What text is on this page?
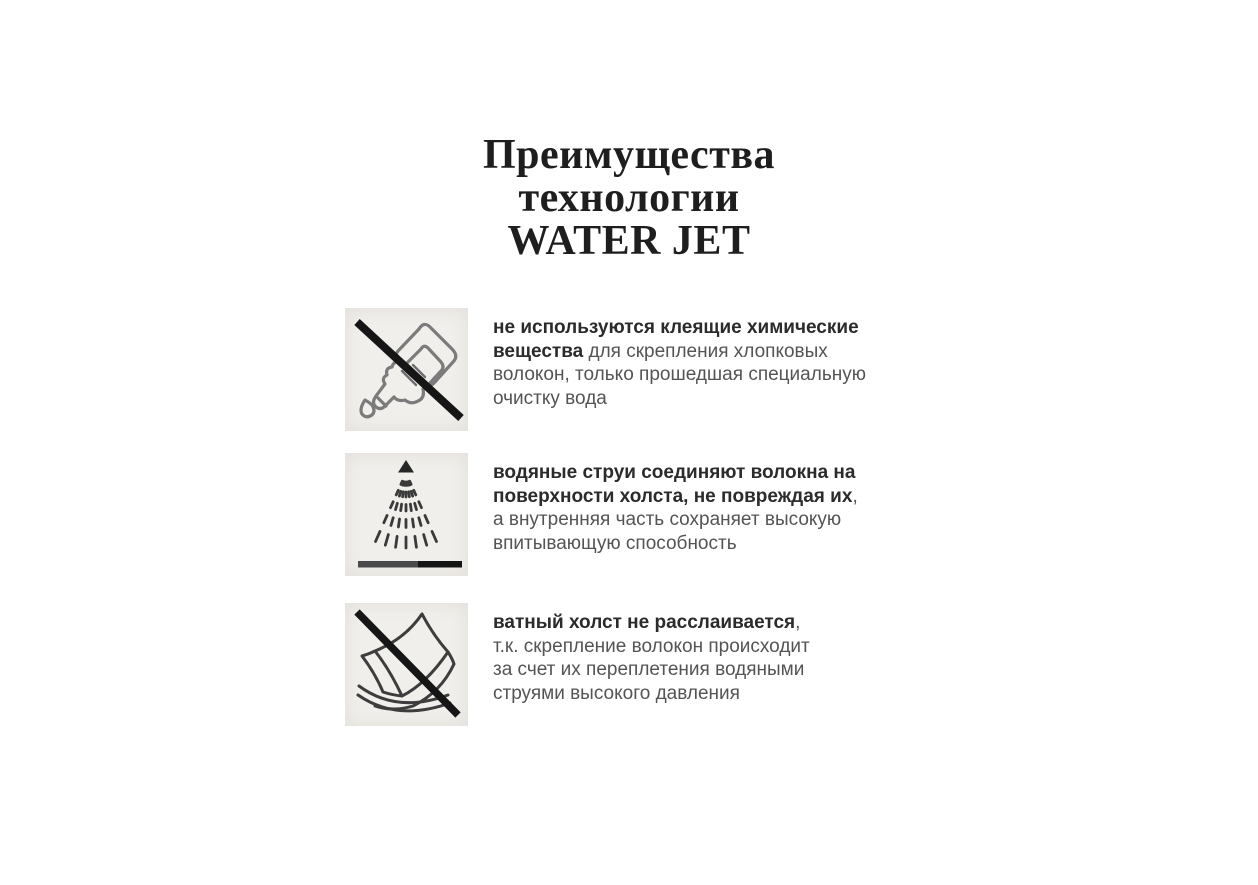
Преимущества
технологии
WATER JET
не используются клеящие химические
вещества для скрепления хлопковых
волокон, только прошедшая специальную
очистку вода
водяные струи соединяют волокна на
поверхности холста, не повреждая их,
а внутренняя часть сохраняет высокую
впитывающую способность
ватный холст не расслаивается,
т.к. скрепление волокон происходит
за счет их переплетения водяными
струями высокого давления
